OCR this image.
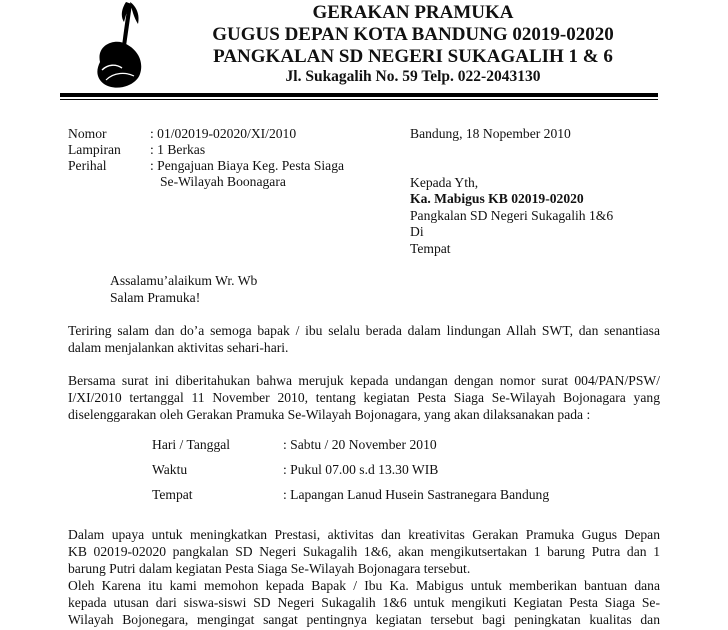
GERAKAN PRAMUKA
GUGUS DEPAN KOTA BANDUNG 02019-02020
PANGKALAN SD NEGERI SUKAGALIH 1 & 6
Jl. Sukagalih No. 59 Telp. 022-2043130
Nomor	: 01/02019-02020/XI/2010
Lampiran : 1 Berkas
Perihal	: Pengajuan Biaya Keg. Pesta Siaga
Se-Wilayah Boonagara
Bandung, 18 Nopember 2010
Kepada Yth,
Ka. Mabigus KB 02019-02020
Pangkalan SD Negeri Sukagalih 1&6
Di
Tempat
Assalamu’alaikum Wr. Wb
Salam Pramuka!
Teriring salam dan do’a semoga bapak / ibu selalu berada dalam lindungan Allah SWT, dan senantiasa
dalam menjalankan aktivitas sehari-hari.
Bersama surat ini diberitahukan bahwa merujuk kepada undangan dengan nomor surat 004/PAN/PSW/
I/XI/2010 tertanggal 11 November 2010, tentang kegiatan Pesta Siaga Se-Wilayah Bojonagara yang
diselenggarakan oleh Gerakan Pramuka Se-Wilayah Bojonagara, yang akan dilaksanakan pada :
Hari / Tanggal	: Sabtu / 20 November 2010
Waktu	: Pukul 07.00 s.d 13.30 WIB
Tempat	: Lapangan Lanud Husein Sastranegara Bandung
Dalam upaya untuk meningkatkan Prestasi, aktivitas dan kreativitas Gerakan Pramuka Gugus Depan
KB 02019-02020 pangkalan SD Negeri Sukagalih 1&6, akan mengikutsertakan 1 barung Putra dan 1
barung Putri dalam kegiatan Pesta Siaga Se-Wilayah Bojonagara tersebut.
Oleh Karena itu kami memohon kepada Bapak / Ibu Ka. Mabigus untuk memberikan bantuan dana
kepada utusan dari siswa-siswi SD Negeri Sukagalih 1&6 untuk mengikuti Kegiatan Pesta Siaga Se-
Wilayah Bojonegara, mengingat sangat pentingnya kegiatan tersebut bagi peningkatan kualitas dan
